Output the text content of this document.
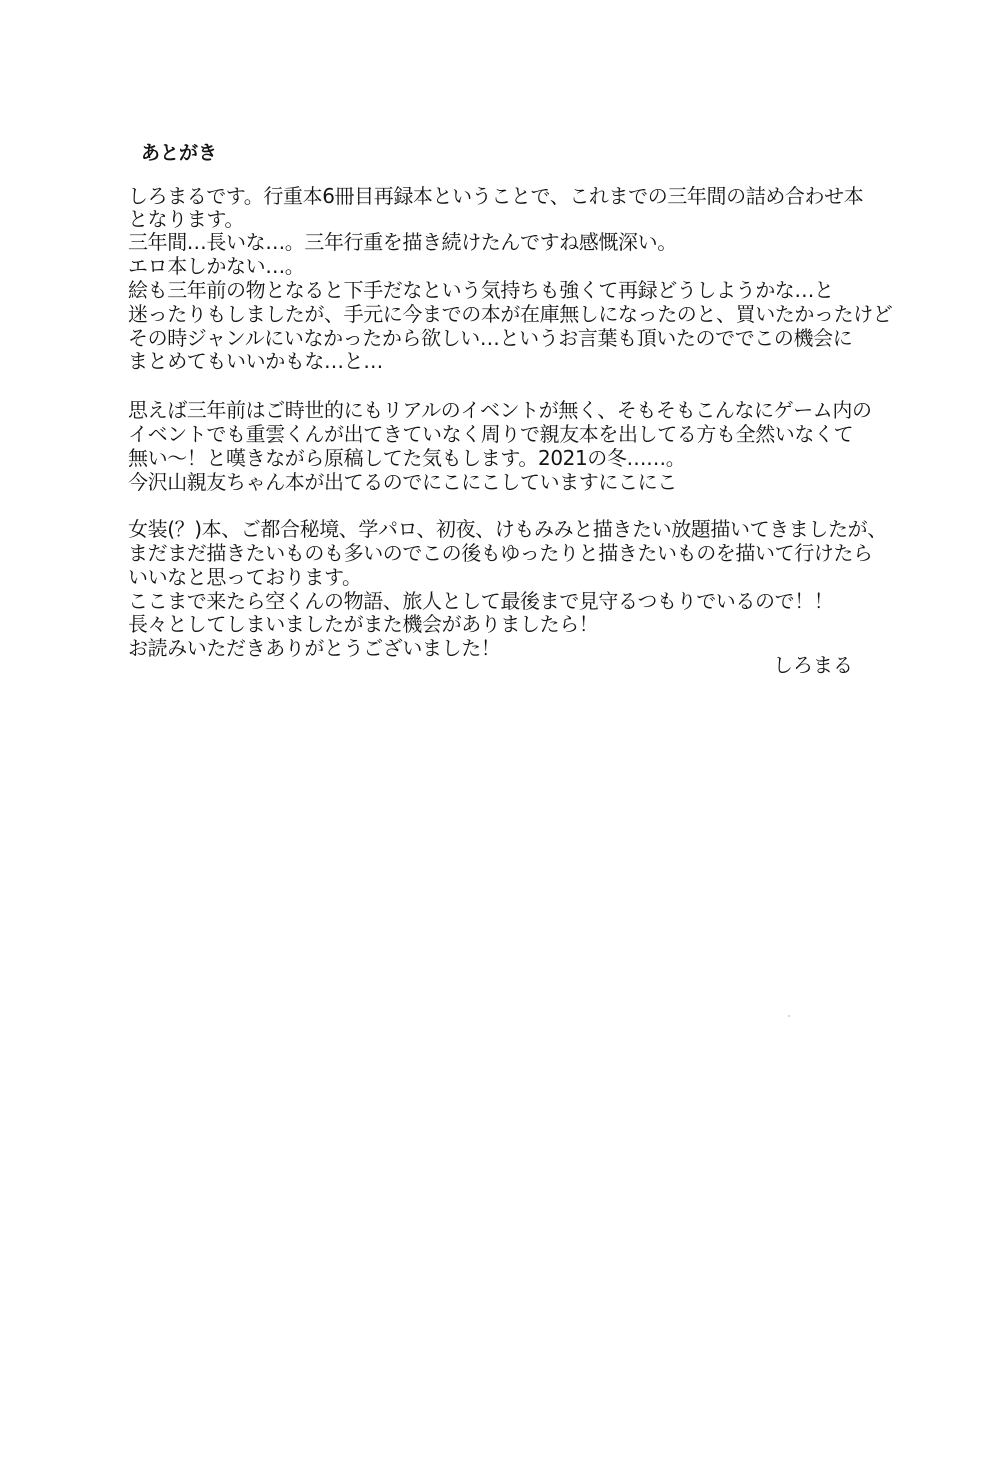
あとがき
しろまるです。行重本6冊目再録本ということで、これまでの三年間の詰め合わせ本
となります。
三年間…長いな…。三年行重を描き続けたんですね感慨深い。
エロ本しかない…。
絵も三年前の物となると下手だなという気持ちも強くて再録どうしようかな…と
迷ったりもしましたが、手元に今までの本が在庫無しになったのと、買いたかったけど
その時ジャンルにいなかったから欲しい…というお言葉も頂いたのででこの機会に
まとめてもいいかもな…と…
思えば三年前はご時世的にもリアルのイベントが無く、そもそもこんなにゲーム内の
イベントでも重雲くんが出てきていなく周りで親友本を出してる方も全然いなくて
無い～！と嘆きながら原稿してた気もします。2021の冬……。
今沢山親友ちゃん本が出てるのでにこにこしていますにこにこ
女装(？)本、ご都合秘境、学パロ、初夜、けもみみと描きたい放題描いてきましたが、
まだまだ描きたいものも多いのでこの後もゆったりと描きたいものを描いて行けたら
いいなと思っております。
ここまで来たら空くんの物語、旅人として最後まで見守るつもりでいるので！！
長々としてしまいましたがまた機会がありましたら！
お読みいただきありがとうございました！
しろまる
